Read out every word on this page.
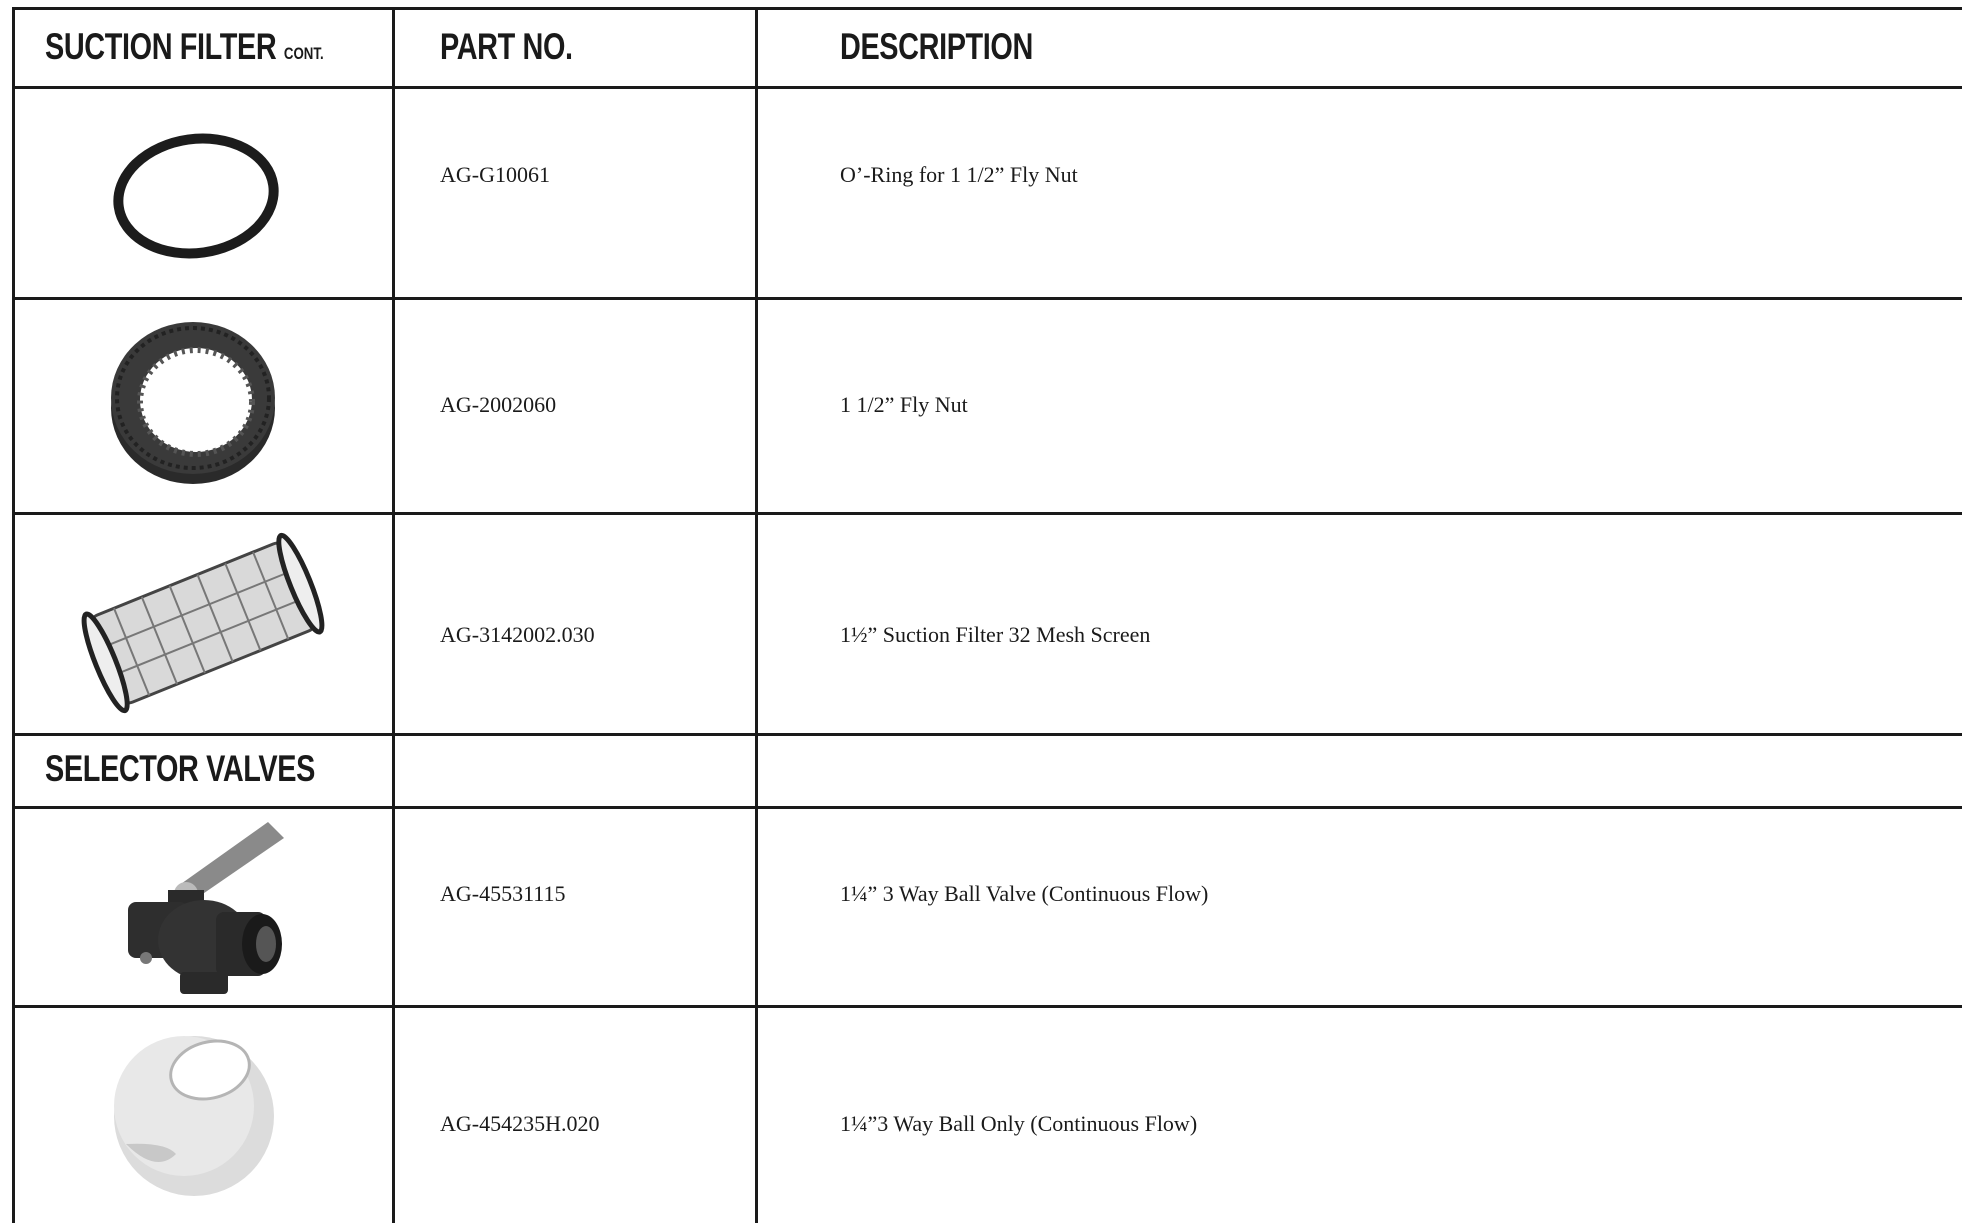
SUCTION FILTER CONT.	PART NO.	DESCRIPTION
AG-G10061	O’-Ring for 1 1/2” Fly Nut
AG-2002060	1 1/2” Fly Nut
AG-3142002.030	1½” Suction Filter 32 Mesh Screen
SELECTOR VALVES
AG-45531115	1¼” 3 Way Ball Valve (Continuous Flow)
AG-454235H.020	1¼”3 Way Ball Only (Continuous Flow)
